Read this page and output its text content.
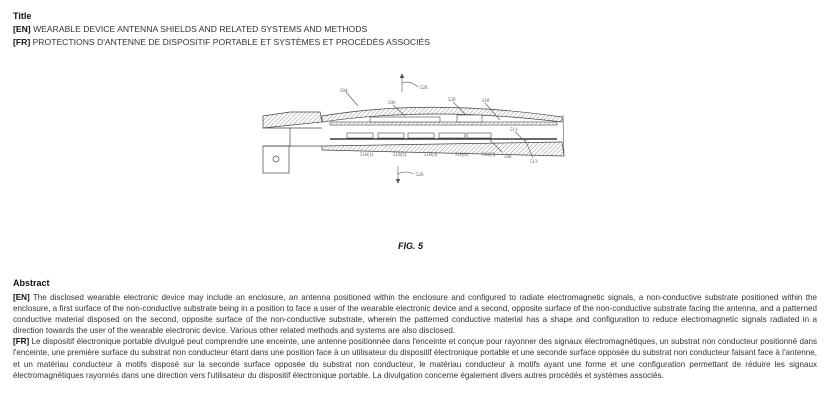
Title
[EN] WEARABLE DEVICE ANTENNA SHIELDS AND RELATED SYSTEMS AND METHODS
[FR] PROTECTIONS D'ANTENNE DE DISPOSITIF PORTABLE ET SYSTÈMES ET PROCÉDÉS ASSOCIÉS
504
506
520	518
528
526
511
508
513
510(1)	510(2)	510(3)	510(4)	510(5)
FIG. 5
Abstract

[EN] The disclosed wearable electronic device may include an enclosure, an antenna positioned within the enclosure and configured to radiate electromagnetic signals, a non-conductive substrate positioned within the enclosure, a first surface of the non-conductive substrate being in a position to face a user of the wearable electronic device and a second, opposite surface of the non-conductive substrate facing the antenna, and a patterned conductive material disposed on the second, opposite surface of the non-conductive substrate, wherein the patterned conductive material has a shape and configuration to reduce electromagnetic signals radiated in a direction towards the user of the wearable electronic device. Various other related methods and systems are also disclosed.

[FR] Le dispositif électronique portable divulgué peut comprendre une enceinte, une antenne positionnée dans l'enceinte et conçue pour rayonner des signaux électromagnétiques, un substrat non conducteur positionné dans l'enceinte, une première surface du substrat non conducteur étant dans une position face à un utilisateur du dispositif électronique portable et une seconde surface opposée du substrat non conducteur faisant face à l'antenne, et un matériau conducteur à motifs disposé sur la seconde surface opposée du substrat non conducteur, le matériau conducteur à motifs ayant une forme et une configuration permettant de réduire les signaux électromagnétiques rayonnés dans une direction vers l'utilisateur du dispositif électronique portable. La divulgation concerne également divers autres procédés et systèmes associés.
